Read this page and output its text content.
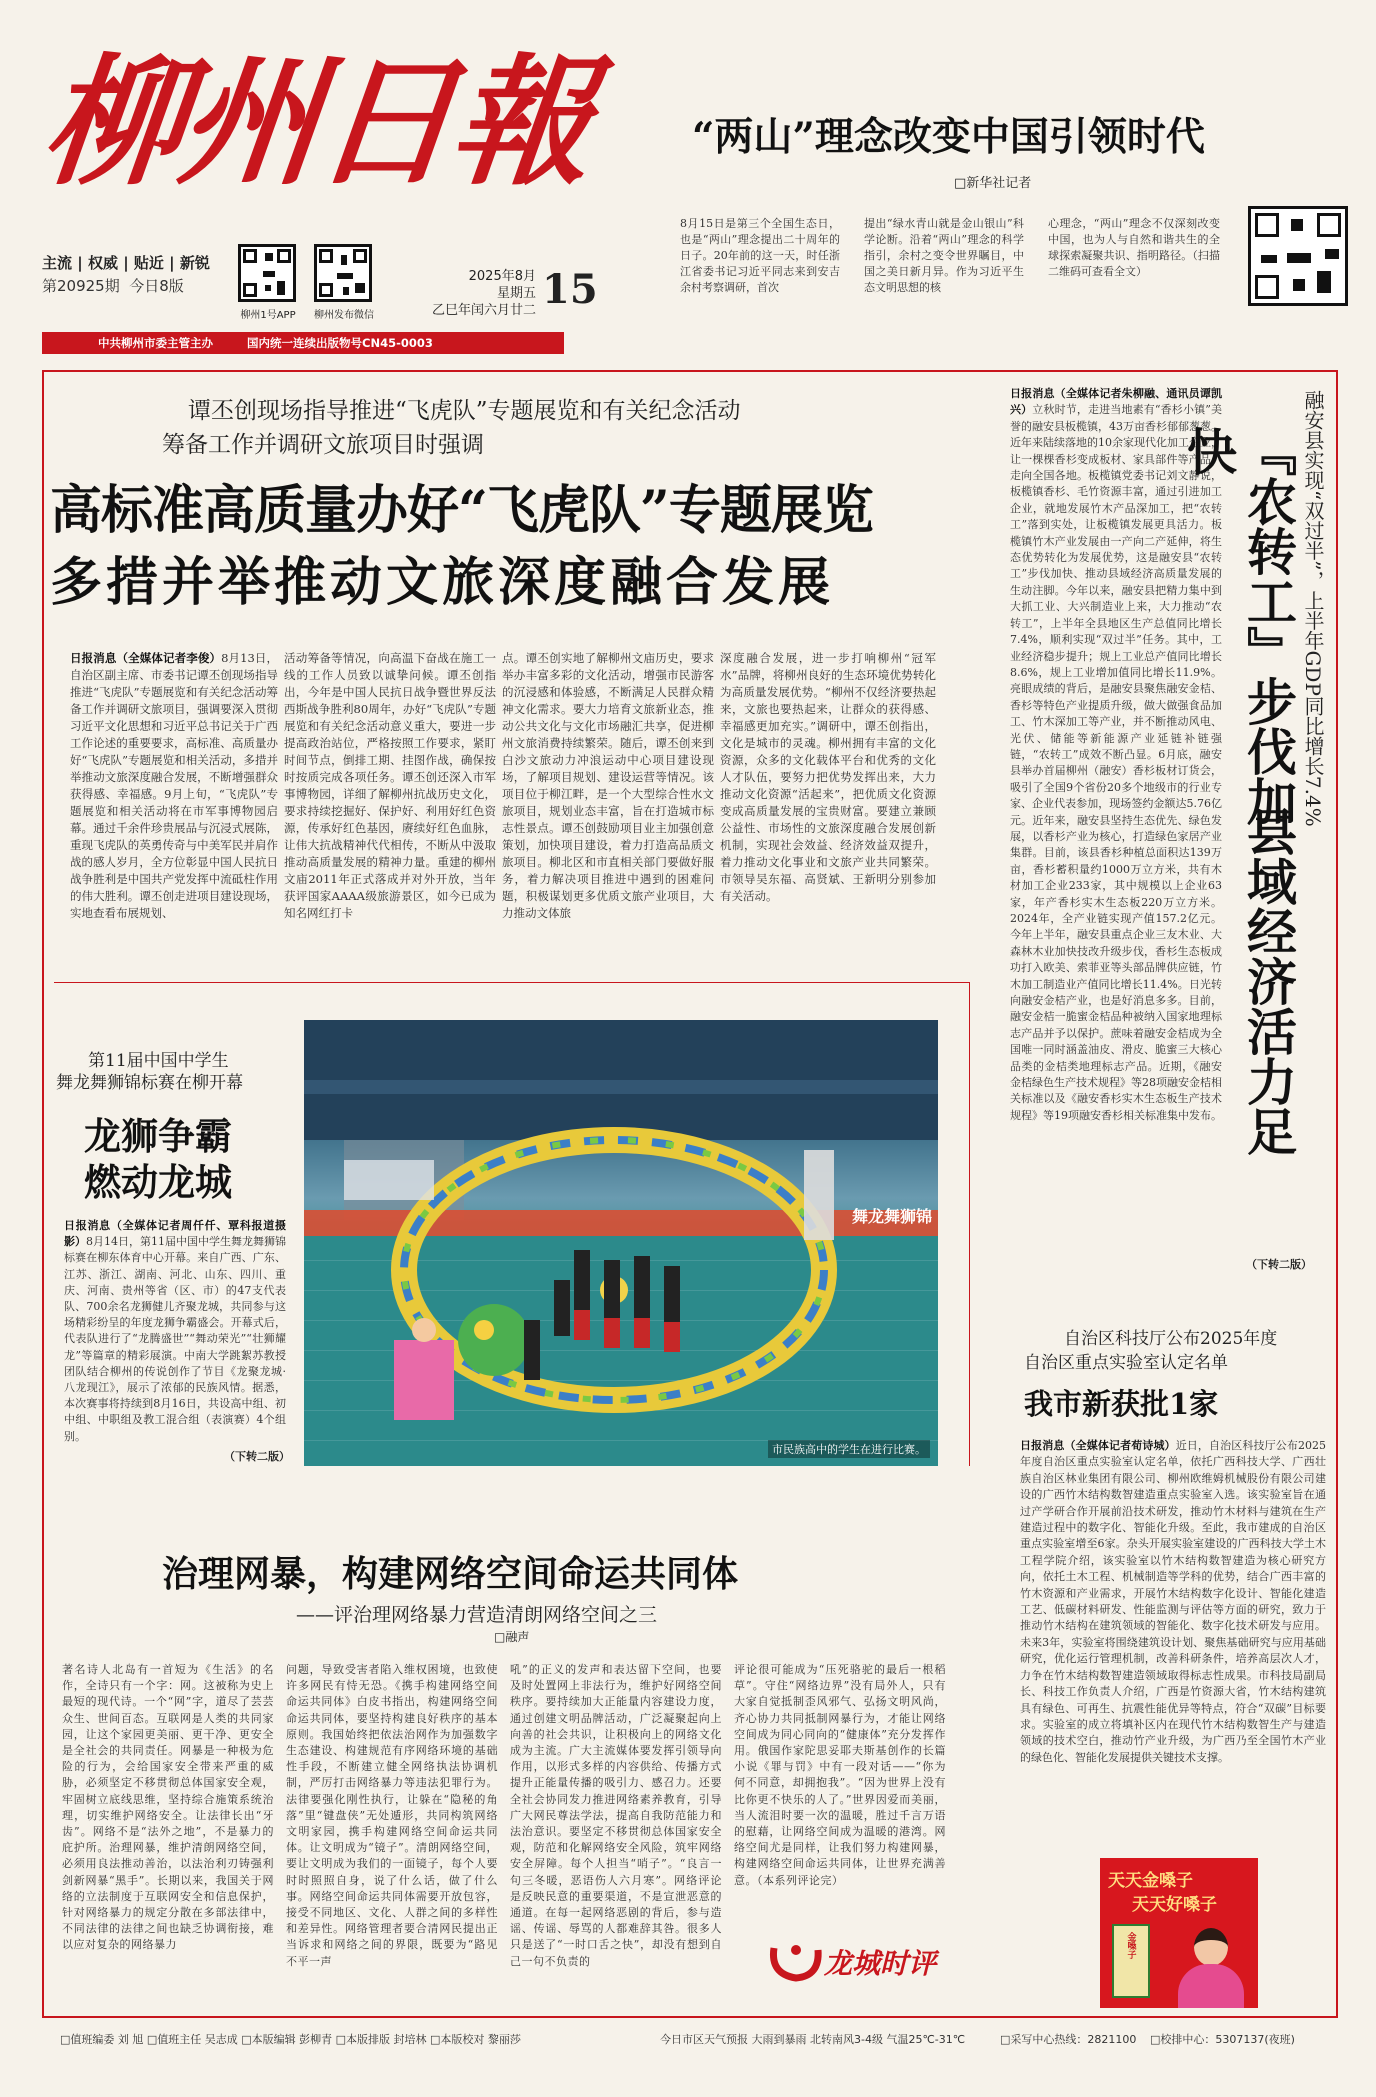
柳州日報
主流 | 权威 | 贴近 | 新锐
第20925期 今日8版
柳州1号APP	柳州发布微信
2025年8月
星期五
乙巳年闰六月廿二 15
中共柳州市委主管主办	国内统一连续出版物号CN45-0003
“两山”理念改变中国引领时代
□新华社记者
8月15日是第三个全国生态日，也是“两山”理念提出二十周年的日子。20年前的这一天，时任浙江省委书记习近平同志来到安吉余村考察调研，首次
提出“绿水青山就是金山银山”科学论断。沿着“两山”理念的科学指引，余村之变令世界瞩目，中国之美日新月异。作为习近平生态文明思想的核
心理念，“两山”理念不仅深刻改变中国，也为人与自然和谐共生的全球探索凝聚共识、指明路径。（扫描二维码可查看全文）
谭丕创现场指导推进“飞虎队”专题展览和有关纪念活动
筹备工作并调研文旅项目时强调
高标准高质量办好“飞虎队”专题展览
多措并举推动文旅深度融合发展
日报消息（全媒体记者李俊）8月13日，自治区副主席、市委书记谭丕创现场指导推进“飞虎队”专题展览和有关纪念活动筹备工作并调研文旅项目，强调要深入贯彻习近平文化思想和习近平总书记关于广西工作论述的重要要求，高标准、高质量办好“飞虎队”专题展览和相关活动，多措并举推动文旅深度融合发展，不断增强群众获得感、幸福感。9月上旬，“飞虎队”专题展览和相关活动将在市军事博物园启幕。通过千余件珍贵展品与沉浸式展陈，重现飞虎队的英勇传奇与中美军民并肩作战的感人岁月，全方位彰显中国人民抗日战争胜利是中国共产党发挥中流砥柱作用的伟大胜利。谭丕创走进项目建设现场，实地查看布展规划、
活动筹备等情况，向高温下奋战在施工一线的工作人员致以诚挚问候。谭丕创指出，今年是中国人民抗日战争暨世界反法西斯战争胜利80周年，办好“飞虎队”专题展览和有关纪念活动意义重大，要进一步提高政治站位，严格按照工作要求，紧盯时间节点，倒排工期、挂图作战，确保按时按质完成各项任务。谭丕创还深入市军事博物园，详细了解柳州抗战历史文化，要求持续挖掘好、保护好、利用好红色资源，传承好红色基因，赓续好红色血脉，让伟大抗战精神代代相传，不断从中汲取推动高质量发展的精神力量。重建的柳州文庙2011年正式落成并对外开放，当年获评国家AAAA级旅游景区，如今已成为知名网红打卡
点。谭丕创实地了解柳州文庙历史，要求举办丰富多彩的文化活动，增强市民游客的沉浸感和体验感，不断满足人民群众精神文化需求。要大力培育文旅新业态，推动公共文化与文化市场融汇共享，促进柳州文旅消费持续繁荣。随后，谭丕创来到白沙文旅动力冲浪运动中心项目建设现场，了解项目规划、建设运营等情况。该项目位于柳江畔，是一个大型综合性水文旅项目，规划业态丰富，旨在打造城市标志性景点。谭丕创鼓励项目业主加强创意策划，加快项目建设，着力打造高品质文旅项目。柳北区和市直相关部门要做好服务，着力解决项目推进中遇到的困难问题，积极谋划更多优质文旅产业项目，大力推动文体旅
深度融合发展，进一步打响柳州“冠军水”品牌，将柳州良好的生态环境优势转化为高质量发展优势。“柳州不仅经济要热起来，文旅也要热起来，让群众的获得感、幸福感更加充实。”调研中，谭丕创指出，文化是城市的灵魂。柳州拥有丰富的文化资源，众多的文化载体平台和优秀的文化人才队伍，要努力把优势发挥出来，大力推动文化资源“活起来”，把优质文化资源变成高质量发展的宝贵财富。要建立兼顾公益性、市场性的文旅深度融合发展创新机制，实现社会效益、经济效益双提升，着力推动文化事业和文旅产业共同繁荣。市领导吴东福、高贤斌、王新明分别参加有关活动。
日报消息（全媒体记者朱柳融、通讯员谭凯兴）立秋时节，走进当地素有“香杉小镇”美誉的融安县板榄镇，43万亩香杉郁郁葱葱。近年来陆续落地的10余家现代化加工企业，让一棵棵香杉变成板材、家具部件等产品，走向全国各地。板榄镇党委书记刘文静说，板榄镇香杉、毛竹资源丰富，通过引进加工企业，就地发展竹木产品深加工，把“农转工”落到实处，让板榄镇发展更具活力。板榄镇竹木产业发展由一产向二产延伸，将生态优势转化为发展优势，这是融安县“农转工”步伐加快、推动县域经济高质量发展的生动注脚。今年以来，融安县把精力集中到大抓工业、大兴制造业上来，大力推动“农转工”，上半年全县地区生产总值同比增长7.4%，顺利实现“双过半”任务。其中，工业经济稳步提升；规上工业总产值同比增长8.6%，规上工业增加值同比增长11.9%。亮眼成绩的背后，是融安县聚焦融安金桔、香杉等特色产业提质升级，做大做强食品加工、竹木深加工等产业，并不断推动风电、光伏、储能等新能源产业延链补链强链，“农转工”成效不断凸显。6月底，融安县举办首届柳州（融安）香杉板材订货会，吸引了全国9个省份20多个地级市的行业专家、企业代表参加，现场签约金额达5.76亿元。近年来，融安县坚持生态优先、绿色发展，以香杉产业为核心，打造绿色家居产业集群。目前，该县香杉种植总面积达139万亩，香杉蓄积量约1000万立方米，共有木材加工企业233家，其中规模以上企业63家，年产香杉实木生态板220万立方米。2024年，全产业链实现产值157.2亿元。今年上半年，融安县重点企业三友木业、大森林木业加快技改升级步伐，香杉生态板成功打入欧美、索菲亚等头部品牌供应链，竹木加工制造业产值同比增长11.4%。日光转向融安金桔产业，也是好消息多多。目前，融安金桔一脆蜜金桔品种被纳入国家地理标志产品并予以保护。蔗味着融安金桔成为全国唯一同时涵盖油皮、滑皮、脆蜜三大核心品类的金桔类地理标志产品。近期，《融安金桔绿色生产技术规程》等28项融安金桔相关标准以及《融安香杉实木生态板生产技术规程》等19项融安香杉相关标准集中发布。
融安县实现“双过半”，上半年GDP同比增长7.4%
『农转工』步伐加快
县域经济活力足
（下转二版）
第11届中国中学生
舞龙舞狮锦标赛在柳开幕
龙狮争霸
燃动龙城
日报消息（全媒体记者周仟仟、覃科报道摄影）8月14日，第11届中国中学生舞龙舞狮锦标赛在柳东体育中心开幕。来自广西、广东、江苏、浙江、湖南、河北、山东、四川、重庆、河南、贵州等省（区、市）的47支代表队、700余名龙狮健儿齐聚龙城，共同参与这场精彩纷呈的年度龙狮争霸盛会。开幕式后，代表队进行了“龙腾盛世”“舞动荣光”“壮狮耀龙”等篇章的精彩展演。中南大学跳絮苏教授团队结合柳州的传说创作了节目《龙聚龙城·八龙现江》，展示了浓郁的民族风情。据悉，本次赛事将持续到8月16日，共设高中组、初中组、中职组及教工混合组（表演赛）4个组别。
（下转二版）
舞龙舞狮锦
市民族高中的学生在进行比赛。
自治区科技厅公布2025年度
自治区重点实验室认定名单
我市新获批1家
日报消息（全媒体记者荀诗城）近日，自治区科技厅公布2025年度自治区重点实验室认定名单，依托广西科技大学、广西壮族自治区林业集团有限公司、柳州欧维姆机械股份有限公司建设的广西竹木结构数智建造重点实验室入选。该实验室旨在通过产学研合作开展前沿技术研发，推动竹木材料与建筑在生产建造过程中的数字化、智能化升级。至此，我市建成的自治区重点实验室增至6家。杂头开展实验室建设的广西科技大学土木工程学院介绍，该实验室以竹木结构数智建造为核心研究方向，依托土木工程、机械制造等学科的优势，结合广西丰富的竹木资源和产业需求，开展竹木结构数字化设计、智能化建造工艺、低碳材料研发、性能监测与评估等方面的研究，致力于推动竹木结构在建筑领域的智能化、数字化技术研发与应用。未来3年，实验室将围绕建筑设计划、聚焦基础研究与应用基础研究，优化运行管理机制，改善科研条件，培养高层次人才，力争在竹木结构数智建造领域取得标志性成果。市科技局副局长、科技工作负责人介绍，广西是竹资源大省，竹木结构建筑具有绿色、可再生、抗震性能优异等特点，符合“双碳”目标要求。实验室的成立将填补区内在现代竹木结构数智生产与建造领域的技术空白，推动竹产业升级，为广西乃至全国竹木产业的绿色化、智能化发展提供关键技术支撑。
治理网暴，构建网络空间命运共同体
——评治理网络暴力营造清朗网络空间之三
□融声
著名诗人北岛有一首短为《生活》的名作，全诗只有一个字：网。这被称为史上最短的现代诗。一个“网”字，道尽了芸芸众生、世间百态。互联网是人类的共同家园，让这个家园更美丽、更干净、更安全是全社会的共同责任。网暴是一种极为危险的行为，会给国家安全带来严重的威胁，必须坚定不移贯彻总体国家安全观，牢固树立底线思维，坚持综合施策系统治理，切实维护网络安全。让法律长出“牙齿”。网络不是“法外之地”，不是暴力的庇护所。治理网暴，维护清朗网络空间，必须用良法推动善治，以法治利刃铸强利剑新网暴“黑手”。长期以来，我国关于网络的立法制度于互联网安全和信息保护，针对网络暴力的规定分散在多部法律中，不同法律的法律之间也缺乏协调衔接，难以应对复杂的网络暴力
问题，导致受害者陷入维权困境，也致使许多网民有恃无恐。《携手构建网络空间命运共同体》白皮书指出，构建网络空间命运共同体，要坚持构建良好秩序的基本原则。我国始终把依法治网作为加强数字生态建设、构建规范有序网络环境的基础性手段，不断建立健全网络执法协调机制，严厉打击网络暴力等违法犯罪行为。法律要强化刚性执行，让躲在“隐秘的角落”里“键盘侠”无处遁形，共同构筑网络文明家园，携手构建网络空间命运共同体。让文明成为“镜子”。清朗网络空间，要让文明成为我们的一面镜子，每个人要时时照照自身，说了什么话，做了什么事。网络空间命运共同体需要开放包容，接受不同地区、文化、人群之间的多样性和差异性。网络管理者要合清网民提出正当诉求和网络之间的界限，既要为“路见不平一声
吼”的正义的发声和表达留下空间，也要及时处置网上非法行为，维护好网络空间秩序。要持续加大正能量内容建设力度，通过创建文明品牌活动，广泛凝聚起向上向善的社会共识，让积极向上的网络文化成为主流。广大主流媒体要发挥引领导向作用，以形式多样的内容供给、传播方式提升正能量传播的吸引力、感召力。还要全社会协同发力推进网络素养教育，引导广大网民尊法学法，提高自我防范能力和法治意识。要坚定不移贯彻总体国家安全观，防范和化解网络安全风险，筑牢网络安全屏障。每个人担当“哨子”。“良言一句三冬暖，恶语伤人六月寒”。网络评论是反映民意的重要渠道，不是宣泄恶意的通道。在每一起网络恶剧的背后，参与造谣、传谣、辱骂的人都难辞其咎。很多人只是送了“一时口舌之快”，却没有想到自己一句不负责的
评论很可能成为“压死骆驼的最后一根稻草”。守住“网络边界”没有局外人，只有大家自觉抵制歪风邪气、弘扬文明风尚，齐心协力共同抵制网暴行为，才能让网络空间成为同心同向的“健康体”充分发挥作用。俄国作家陀思妥耶夫斯基创作的长篇小说《罪与罚》中有一段对话——“你为何不同意，却拥抱我”。“因为世界上没有比你更不快乐的人了。”世界因爱而美丽，当人流泪时要一次的温暖，胜过千言万语的慰藉，让网络空间成为温暖的港湾。网络空间尤是同样，让我们努力构建网暴，构建网络空间命运共同体，让世界充满善意。（本系列评论完）
龙城时评
天天金嗓子
天天好嗓子
金嗓子
□值班编委 刘 旭 □值班主任 吴志成 □本版编辑 彭柳青 □本版排版 封培林 □本版校对 黎丽莎	今日市区天气预报 大雨到暴雨 北转南风3-4级 气温25℃-31℃	□采写中心热线：2821100 □校排中心：5307137(夜班)
